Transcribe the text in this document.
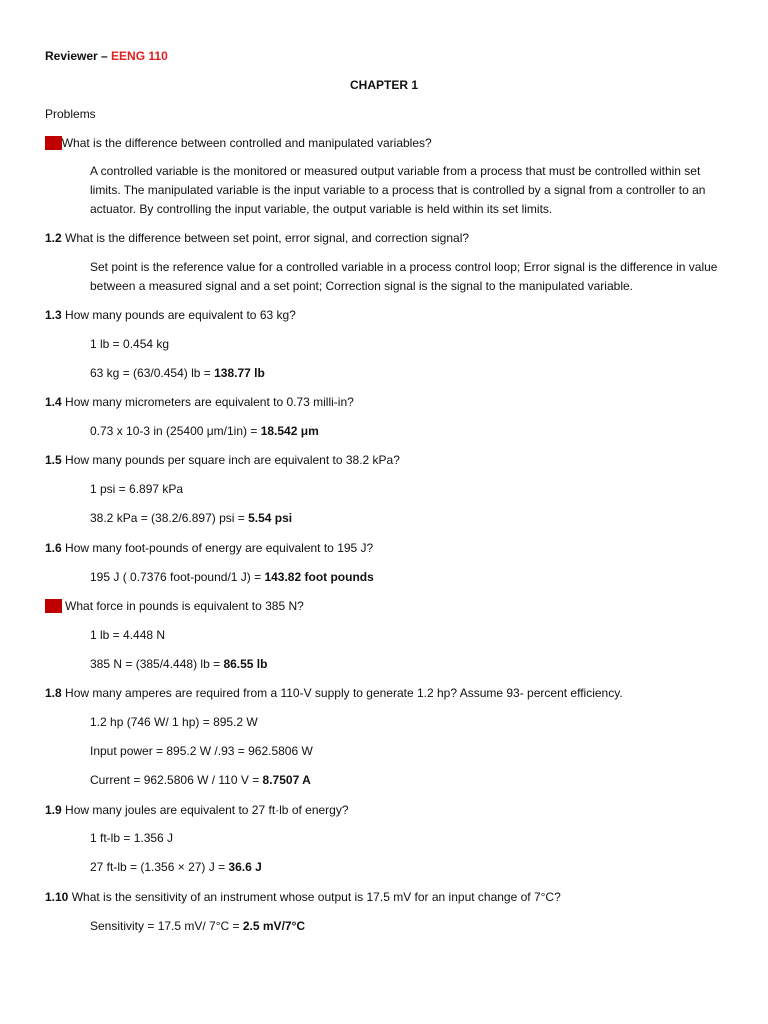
Reviewer – EENG 110
CHAPTER 1
Problems
1.1What is the difference between controlled and manipulated variables?
A controlled variable is the monitored or measured output variable from a process that must be controlled within set limits. The manipulated variable is the input variable to a process that is controlled by a signal from a controller to an actuator. By controlling the input variable, the output variable is held within its set limits.
1.2 What is the difference between set point, error signal, and correction signal?
Set point is the reference value for a controlled variable in a process control loop; Error signal is the difference in value between a measured signal and a set point; Correction signal is the signal to the manipulated variable.
1.3 How many pounds are equivalent to 63 kg?
1 lb = 0.454 kg
63 kg = (63/0.454) lb = 138.77 lb
1.4 How many micrometers are equivalent to 0.73 milli-in?
0.73 x 10-3 in (25400 μm/1in) = 18.542 μm
1.5 How many pounds per square inch are equivalent to 38.2 kPa?
1 psi = 6.897 kPa
38.2 kPa = (38.2/6.897) psi = 5.54 psi
1.6 How many foot-pounds of energy are equivalent to 195 J?
195 J ( 0.7376 foot-pound/1 J) = 143.82 foot pounds
1.7 What force in pounds is equivalent to 385 N?
1 lb = 4.448 N
385 N = (385/4.448) lb = 86.55 lb
1.8 How many amperes are required from a 110-V supply to generate 1.2 hp? Assume 93- percent efficiency.
1.2 hp (746 W/ 1 hp) = 895.2 W
Input power = 895.2 W /.93 = 962.5806 W
Current = 962.5806 W / 110 V = 8.7507 A
1.9 How many joules are equivalent to 27 ft·lb of energy?
1 ft-lb = 1.356 J
27 ft-lb = (1.356 × 27) J = 36.6 J
1.10 What is the sensitivity of an instrument whose output is 17.5 mV for an input change of 7°C?
Sensitivity = 17.5 mV/ 7°C = 2.5 mV/7°C
